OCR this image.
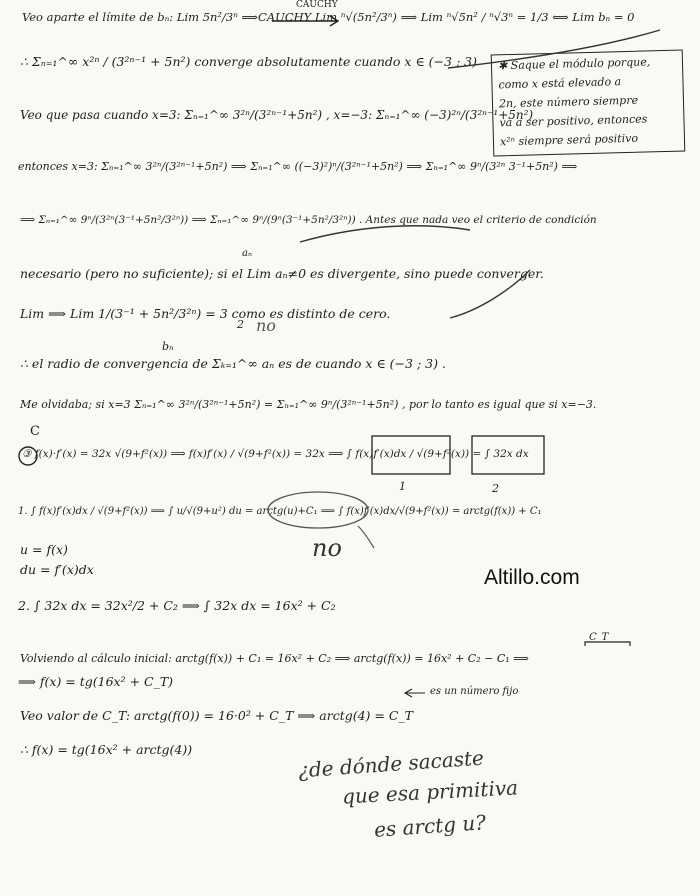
Veo aparte el límite de bₙ: Lim 5n²/3ⁿ ⟹CAUCHY Lim ⁿ√(5n²/3ⁿ) ⟹ Lim ⁿ√5n² / ⁿ√3ⁿ = 1/3 ⟺ Lim bₙ = 0
∴ Σₙ₌₁^∞ x²ⁿ / (3²ⁿ⁻¹ + 5n²) converge absolutamente cuando x ∈ (−3 ; 3)
Veo que pasa cuando x=3: Σₙ₌₁^∞ 3²ⁿ/(3²ⁿ⁻¹+5n²) , x=−3: Σₙ₌₁^∞ (−3)²ⁿ/(3²ⁿ⁻¹+5n²)
entonces x=3: Σₙ₌₁^∞ 3²ⁿ/(3²ⁿ⁻¹+5n²) ⟹ Σₙ₌₁^∞ ((−3)²)ⁿ/(3²ⁿ⁻¹+5n²) ⟹ Σₙ₌₁^∞ 9ⁿ/(3²ⁿ 3⁻¹+5n²) ⟹
⟹ Σₙ₌₁^∞ 9ⁿ/(3²ⁿ(3⁻¹+5n²/3²ⁿ)) ⟹ Σₙ₌₁^∞ 9ⁿ/(9ⁿ(3⁻¹+5n²/3²ⁿ)) . Antes que nada veo el criterio de condición
necesario (pero no suficiente); si el Lim aₙ≠0 es divergente, sino puede converger.
Lim ⟹ Lim 1/(3⁻¹ + 5n²/3²ⁿ) = 3 como es distinto de cero.
∴ el radio de convergencia de Σₖ₌₁^∞ aₙ es de cuando x ∈ (−3 ; 3) .
Me olvidaba; si x=3 Σₙ₌₁^∞ 3²ⁿ/(3²ⁿ⁻¹+5n²) = Σₙ₌₁^∞ 9ⁿ/(3²ⁿ⁻¹+5n²) , por lo tanto es igual que si x=−3.
③ f(x)·f′(x) = 32x √(9+f²(x)) ⟹ f(x)f′(x) / √(9+f²(x)) = 32x ⟹ ∫ f(x)f′(x)dx / √(9+f²(x)) = ∫ 32x dx
1. ∫ f(x)f′(x)dx / √(9+f²(x)) ⟹ ∫ u/√(9+u²) du = arctg(u)+C₁ ⟹ ∫ f(x)f′(x)dx/√(9+f²(x)) = arctg(f(x)) + C₁
u = f(x)
du = f′(x)dx
2. ∫ 32x dx = 32x²/2 + C₂ ⟹ ∫ 32x dx = 16x² + C₂
Volviendo al cálculo inicial: arctg(f(x)) + C₁ = 16x² + C₂ ⟹ arctg(f(x)) = 16x² + C₂ − C₁ ⟹
⟹ f(x) = tg(16x² + C_T)
Veo valor de C_T: arctg(f(0)) = 16·0² + C_T ⟹ arctg(4) = C_T
∴ f(x) = tg(16x² + arctg(4))
CAUCHY
C_T
es un número fijo
bₙ
aₙ
1	2
2 no
no
C
✱ Saque el módulo porque,
como x está elevado a
2n, este número siempre
va a ser positivo, entonces
x²ⁿ siempre será positivo
Altillo.com
¿de dónde sacaste
que esa primitiva
es arctg u?
